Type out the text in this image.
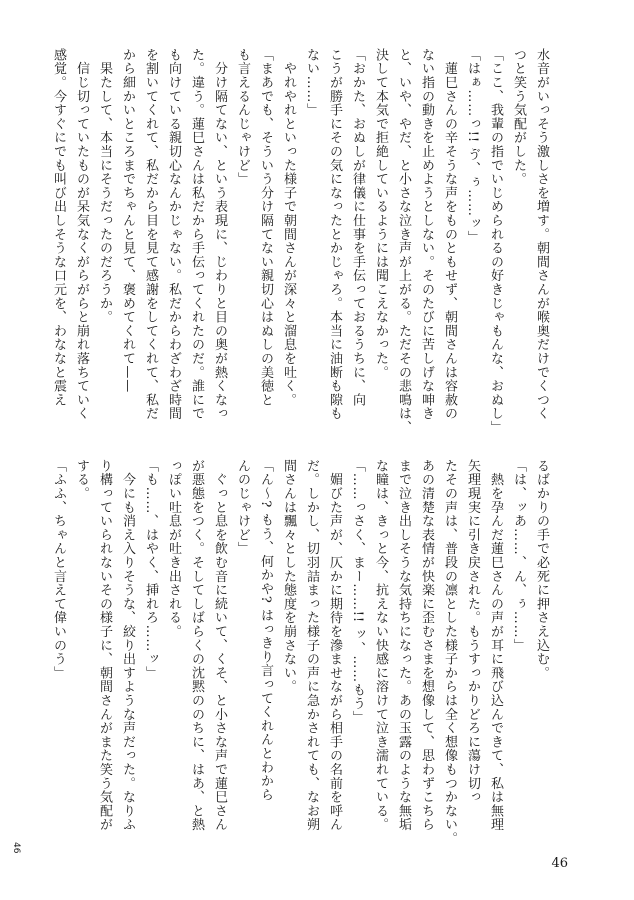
水音がいっそう激しさを増す。朝間さんが喉奥だけでくつく
つと笑う気配がした。
「ここ、我輩の指でいじめられるの好きじゃもんな、おぬし」
「はぁ……っ!! ゔ、ぅ……ッ」
　蓮巳さんの辛そうな声をものともせず、朝間さんは容赦の
ない指の動きを止めようとしない。そのたびに苦しげな呻き
と、いや、やだ、と小さな泣き声が上がる。ただその悲鳴は、
決して本気で拒絶しているようには聞こえなかった。
「おかた、おぬしが律儀に仕事を手伝っておるうちに、向
こうが勝手にその気になったとかじゃろ。本当に油断も隙も
ない……」
　やれやれといった様子で朝間さんが深々と溜息を吐く。
「まあでも、そういう分け隔てない親切心はぬしの美徳と
も言えるんじゃけど」
　分け隔てない、という表現に、じわりと目の奥が熱くなっ
た。違う。蓮巳さんは私だから手伝ってくれたのだ。誰にで
も向けている親切心なんかじゃない。私だからわざわざ時間
を割いてくれて、私だから目を見て感謝をしてくれて、私だ
から細かいところまでちゃんと見て、褒めてくれて——
　果たして、本当にそうだったのだろうか。
　信じ切っていたものが呆気なくがらがらと崩れ落ちていく
感覚。今すぐにでも叫び出しそうな口元を、わななと震え
るばかりの手で必死に押さえ込む。
「は、ッあ……、ん、ぅ……」
　熱を孕んだ蓮巳さんの声が耳に飛び込んできて、私は無理
矢理現実に引き戻された。もうすっかりどろに蕩け切っ
たその声は、普段の凛とした様子からは全く想像もつかない。
あの清楚な表情が快楽に歪むさまを想像して、思わずこちら
まで泣き出しそうな気持ちになった。あの玉露のような無垢
な瞳は、きっと今、抗えない快感に溶けて泣き濡れている。
「……っさく、まー……!! ッ、……もう」
　媚びた声が、仄かに期待を滲ませながら相手の名前を呼ん
だ。しかし、切羽詰まった様子の声に急かされても、なお朔
間さんは飄々とした態度を崩さない。
「ん〜? もう、何かや? はっきり言ってくれんとわから
んのじゃけど」
　ぐっと息を飲む音に続いて、くそ、と小さな声で蓮巳さん
が悪態をつく。そしてしばらくの沈黙ののちに、はあ、と熱
っぽい吐息が吐き出される。
「も……、はやく、挿れろ……ッ」
　今にも消え入りそうな、絞り出すような声だった。なりふ
り構っていられないその様子に、朝間さんがまた笑う気配が
する。
「ふふ、ちゃんと言えて偉いのう」
46
46
